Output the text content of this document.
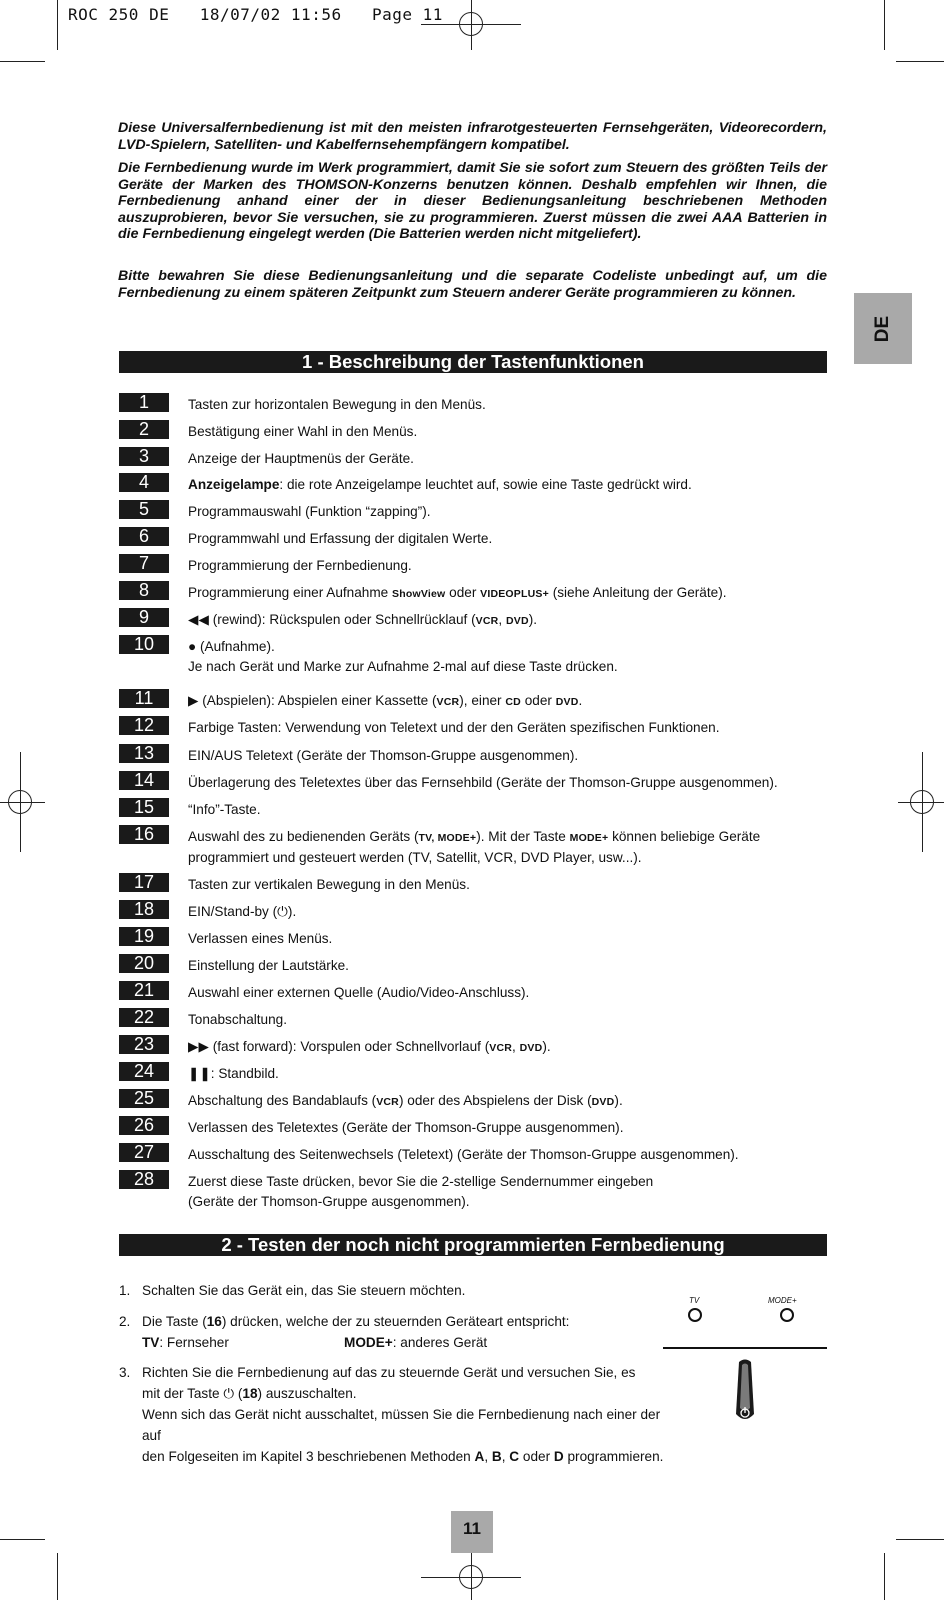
ROC 250 DE   18/07/02 11:56   Page 11
Diese Universalfernbedienung ist mit den meisten infrarotgesteuerten Fernsehgeräten, Videorecordern, LVD-Spielern, Satelliten- und Kabelfernsehempfängern kompatibel.
Die Fernbedienung wurde im Werk programmiert, damit Sie sie sofort zum Steuern des größten Teils der Geräte der Marken des THOMSON-Konzerns benutzen können. Deshalb empfehlen wir Ihnen, die Fernbedienung anhand einer der in dieser Bedienungsanleitung beschriebenen Methoden auszuprobieren, bevor Sie versuchen, sie zu programmieren. Zuerst müssen die zwei AAA Batterien in die Fernbedienung eingelegt werden (Die Batterien werden nicht mitgeliefert).
Bitte bewahren Sie diese Bedienungsanleitung und die separate Codeliste unbedingt auf, um die Fernbedienung zu einem späteren Zeitpunkt zum Steuern anderer Geräte programmieren zu können.
DE
1 - Beschreibung der Tastenfunktionen
1	Tasten zur horizontalen Bewegung in den Menüs.
2	Bestätigung einer Wahl in den Menüs.
3	Anzeige der Hauptmenüs der Geräte.
4	Anzeigelampe: die rote Anzeigelampe leuchtet auf, sowie eine Taste gedrückt wird.
5	Programmauswahl (Funktion “zapping”).
6	Programmwahl und Erfassung der digitalen Werte.
7	Programmierung der Fernbedienung.
8	Programmierung einer Aufnahme ShowView oder VIDEOPLUS+ (siehe Anleitung der Geräte).
9	◀◀ (rewind): Rückspulen oder Schnellrücklauf (VCR, DVD).
10	● (Aufnahme).
Je nach Gerät und Marke zur Aufnahme 2-mal auf diese Taste drücken.
11	▶ (Abspielen): Abspielen einer Kassette (VCR), einer CD oder DVD.
12	Farbige Tasten: Verwendung von Teletext und der den Geräten spezifischen Funktionen.
13	EIN/AUS Teletext (Geräte der Thomson-Gruppe ausgenommen).
14	Überlagerung des Teletextes über das Fernsehbild (Geräte der Thomson-Gruppe ausgenommen).
15	“Info”-Taste.
16	Auswahl des zu bedienenden Geräts (TV, MODE+). Mit der Taste MODE+ können beliebige Geräte
programmiert und gesteuert werden (TV, Satellit, VCR, DVD Player, usw...).
17	Tasten zur vertikalen Bewegung in den Menüs.
18	EIN/Stand-by (⏻).
19	Verlassen eines Menüs.
20	Einstellung der Lautstärke.
21	Auswahl einer externen Quelle (Audio/Video-Anschluss).
22	Tonabschaltung.
23	▶▶ (fast forward): Vorspulen oder Schnellvorlauf (VCR, DVD).
24	❚❚: Standbild.
25	Abschaltung des Bandablaufs (VCR) oder des Abspielens der Disk (DVD).
26	Verlassen des Teletextes (Geräte der Thomson-Gruppe ausgenommen).
27	Ausschaltung des Seitenwechsels (Teletext) (Geräte der Thomson-Gruppe ausgenommen).
28	Zuerst diese Taste drücken, bevor Sie die 2-stellige Sendernummer eingeben
(Geräte der Thomson-Gruppe ausgenommen).
2 - Testen der noch nicht programmierten Fernbedienung
1. Schalten Sie das Gerät ein, das Sie steuern möchten.
2. Die Taste (16) drücken, welche der zu steuernden Geräteart entspricht:
TV: Fernseher	MODE+: anderes Gerät
3. Richten Sie die Fernbedienung auf das zu steuernde Gerät und versuchen Sie, es
mit der Taste ⏻ (18) auszuschalten.
Wenn sich das Gerät nicht ausschaltet, müssen Sie die Fernbedienung nach einer der auf
den Folgeseiten im Kapitel 3 beschriebenen Methoden A, B, C oder D programmieren.
TV	MODE+
11
